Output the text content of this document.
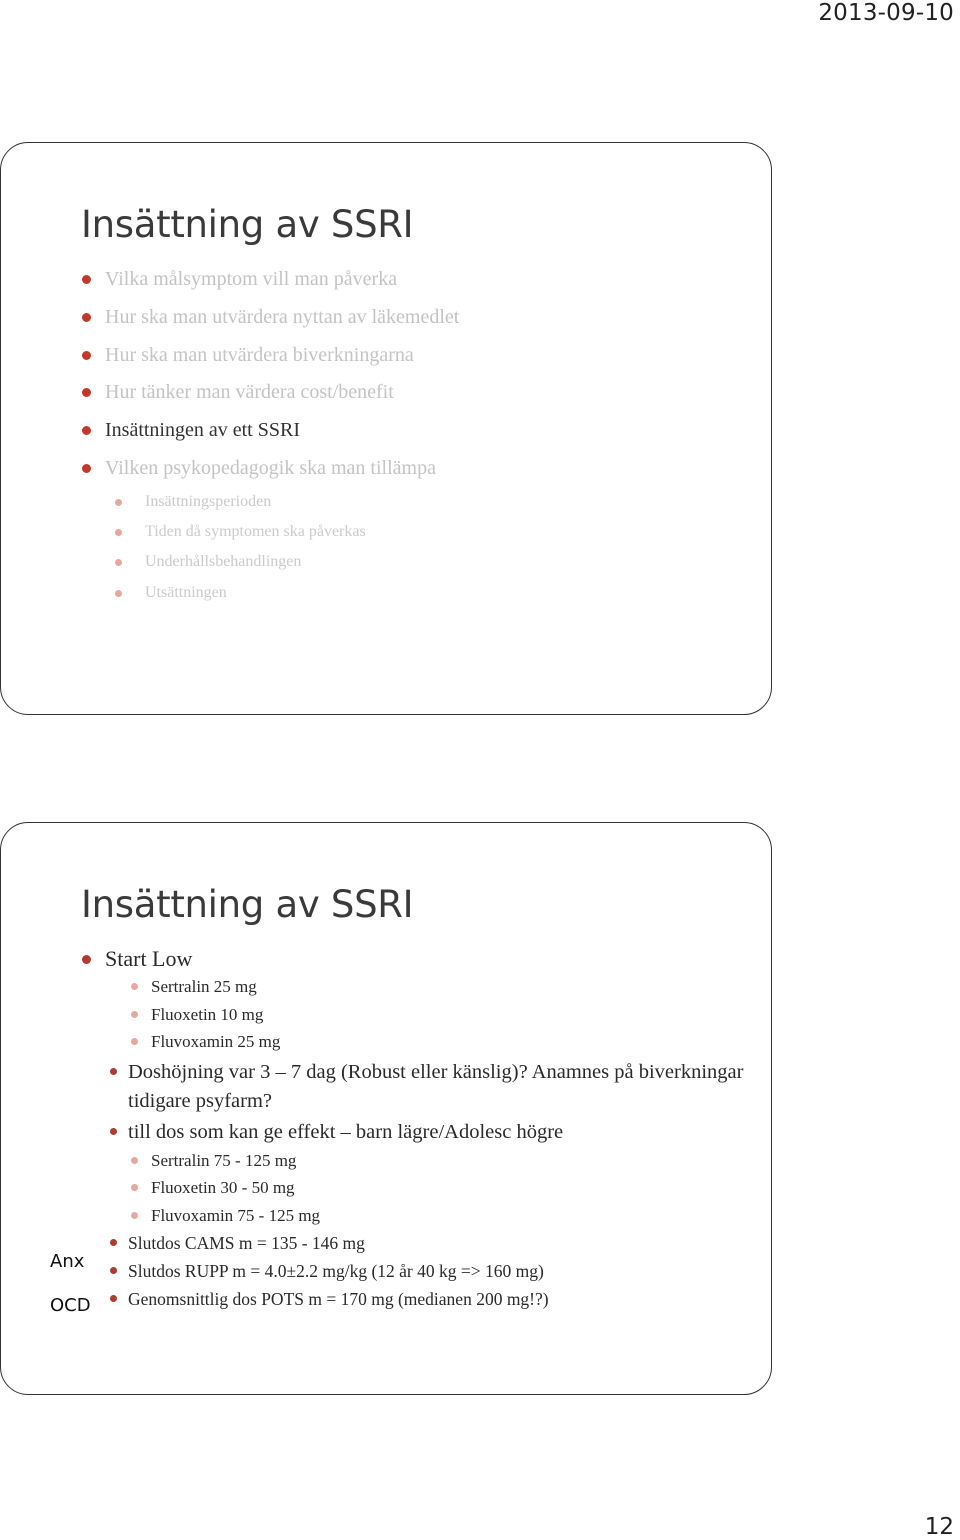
2013-09-10
Insättning av SSRI
Vilka målsymptom vill man påverka
Hur ska man utvärdera nyttan av läkemedlet
Hur ska man utvärdera biverkningarna
Hur tänker man värdera cost/benefit
Insättningen av ett SSRI
Vilken psykopedagogik ska man tillämpa
Insättningsperioden
Tiden då symptomen ska påverkas
Underhållsbehandlingen
Utsättningen
Insättning av SSRI
Start Low
Sertralin 25 mg
Fluoxetin 10 mg
Fluvoxamin 25 mg
Doshöjning var 3 – 7 dag (Robust eller känslig)? Anamnes på biverkningar tidigare psyfarm?
till dos som kan ge effekt – barn lägre/Adolesc högre
Sertralin 75 - 125 mg
Fluoxetin 30 - 50 mg
Fluvoxamin 75 - 125 mg
Slutdos CAMS m = 135 - 146 mg
Slutdos RUPP m = 4.0±2.2 mg/kg (12 år 40 kg => 160 mg)
Genomsnittlig dos POTS m = 170 mg (medianen 200 mg!?)
Anx
OCD
12
